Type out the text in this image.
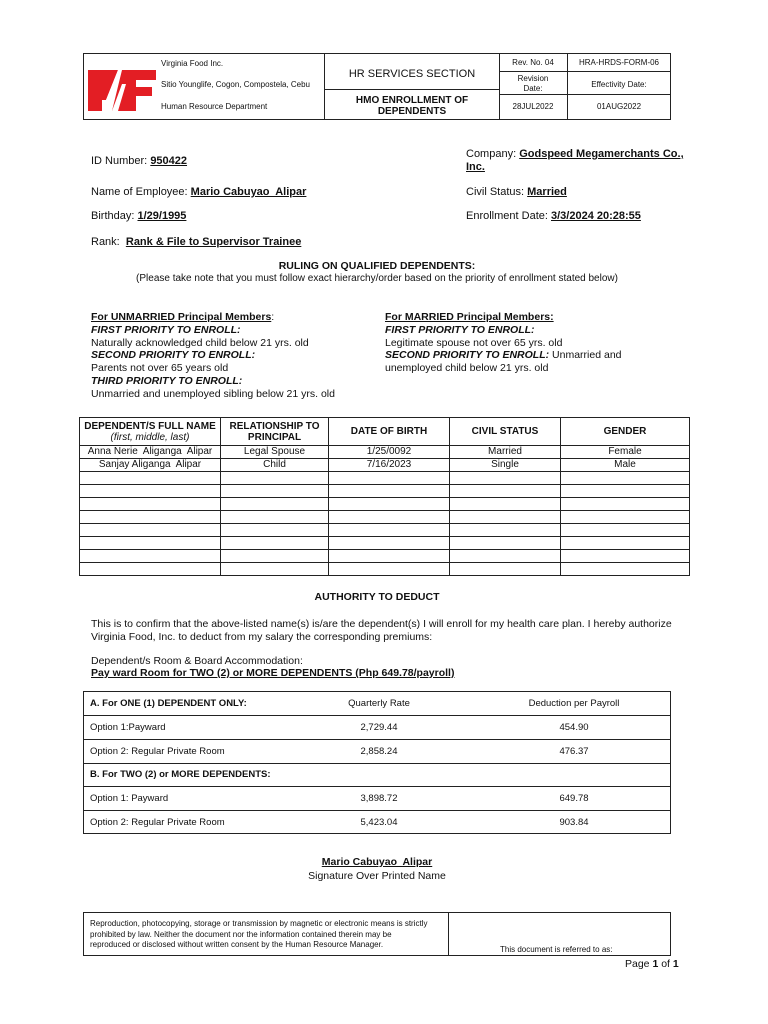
Virginia Food Inc.
Sitio Younglife, Cogon, Compostela, Cebu
Human Resource Department
HR SERVICES SECTION
HMO ENROLLMENT OF DEPENDENTS
Rev. No. 04	HRA-HRDS-FORM-06
Revision Date:	Effectivity Date:
28JUL2022	01AUG2022
ID Number: 950422
Name of Employee: Mario Cabuyao  Alipar
Birthday: 1/29/1995
Rank: Rank & File to Supervisor Trainee
Company: Godspeed Megamerchants Co.,
Inc.
Civil Status: Married
Enrollment Date: 3/3/2024 20:28:55
RULING ON QUALIFIED DEPENDENTS:
(Please take note that you must follow exact hierarchy/order based on the priority of enrollment stated below)
For UNMARRIED Principal Members:
FIRST PRIORITY TO ENROLL:
Naturally acknowledged child below 21 yrs. old
SECOND PRIORITY TO ENROLL:
Parents not over 65 years old
THIRD PRIORITY TO ENROLL:
Unmarried and unemployed sibling below 21 yrs. old
For MARRIED Principal Members:
FIRST PRIORITY TO ENROLL:
Legitimate spouse not over 65 yrs. old
SECOND PRIORITY TO ENROLL: Unmarried and
unemployed child below 21 yrs. old
DEPENDENT/S FULL NAME
(first, middle, last)	RELATIONSHIP TO PRINCIPAL	DATE OF BIRTH	CIVIL STATUS	GENDER
Anna Nerie  Aliganga  Alipar	Legal Spouse	1/25/0092	Married	Female
Sanjay Aliganga  Alipar	Child	7/16/2023	Single	Male

AUTHORITY TO DEDUCT
This is to confirm that the above-listed name(s) is/are the dependent(s) I will enroll for my health care plan. I hereby authorize
Virginia Food, Inc. to deduct from my salary the corresponding premiums:
Dependent/s Room & Board Accommodation:
Pay ward Room for TWO (2) or MORE DEPENDENTS (Php 649.78/payroll)
A. For ONE (1) DEPENDENT ONLY:	Quarterly Rate	Deduction per Payroll
Option 1:Payward	2,729.44	454.90
Option 2: Regular Private Room	2,858.24	476.37
B. For TWO (2) or MORE DEPENDENTS:
Option 1: Payward	3,898.72	649.78
Option 2: Regular Private Room	5,423.04	903.84
Mario Cabuyao  Alipar
Signature Over Printed Name
Reproduction, photocopying, storage or transmission by magnetic or electronic means is strictly
prohibited by law. Neither the document nor the information contained therein may be
reproduced or disclosed without written consent by the Human Resource Manager.
This document is referred to as:
Page 1 of 1
